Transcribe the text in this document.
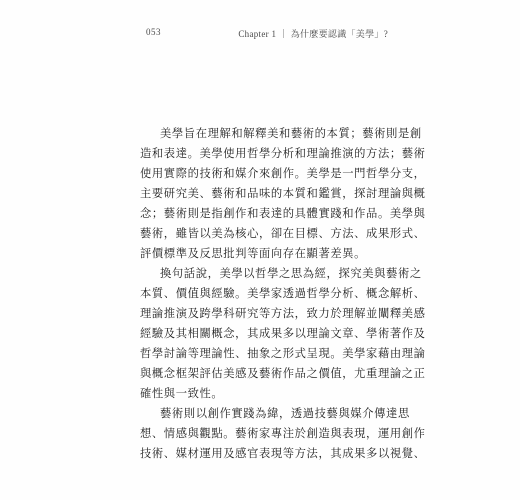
053	Chapter 1 ｜ 為什麼要認識「美學」?
美學旨在理解和解釋美和藝術的本質；藝術則是創
造和表達。美學使用哲學分析和理論推演的方法；藝術
使用實際的技術和媒介來創作。美學是一門哲學分支，
主要研究美、藝術和品味的本質和鑑賞，探討理論與概
念；藝術則是指創作和表達的具體實踐和作品。美學與
藝術，雖皆以美為核心，卻在目標、方法、成果形式、
評價標準及反思批判等面向存在顯著差異。
換句話說，美學以哲學之思為經，探究美與藝術之
本質、價值與經驗。美學家透過哲學分析、概念解析、
理論推演及跨學科研究等方法，致力於理解並闡釋美感
經驗及其相關概念，其成果多以理論文章、學術著作及
哲學討論等理論性、抽象之形式呈現。美學家藉由理論
與概念框架評估美感及藝術作品之價值，尤重理論之正
確性與一致性。
藝術則以創作實踐為緯，透過技藝與媒介傳達思
想、情感與觀點。藝術家專注於創造與表現，運用創作
技術、媒材運用及感官表現等方法，其成果多以視覺、
